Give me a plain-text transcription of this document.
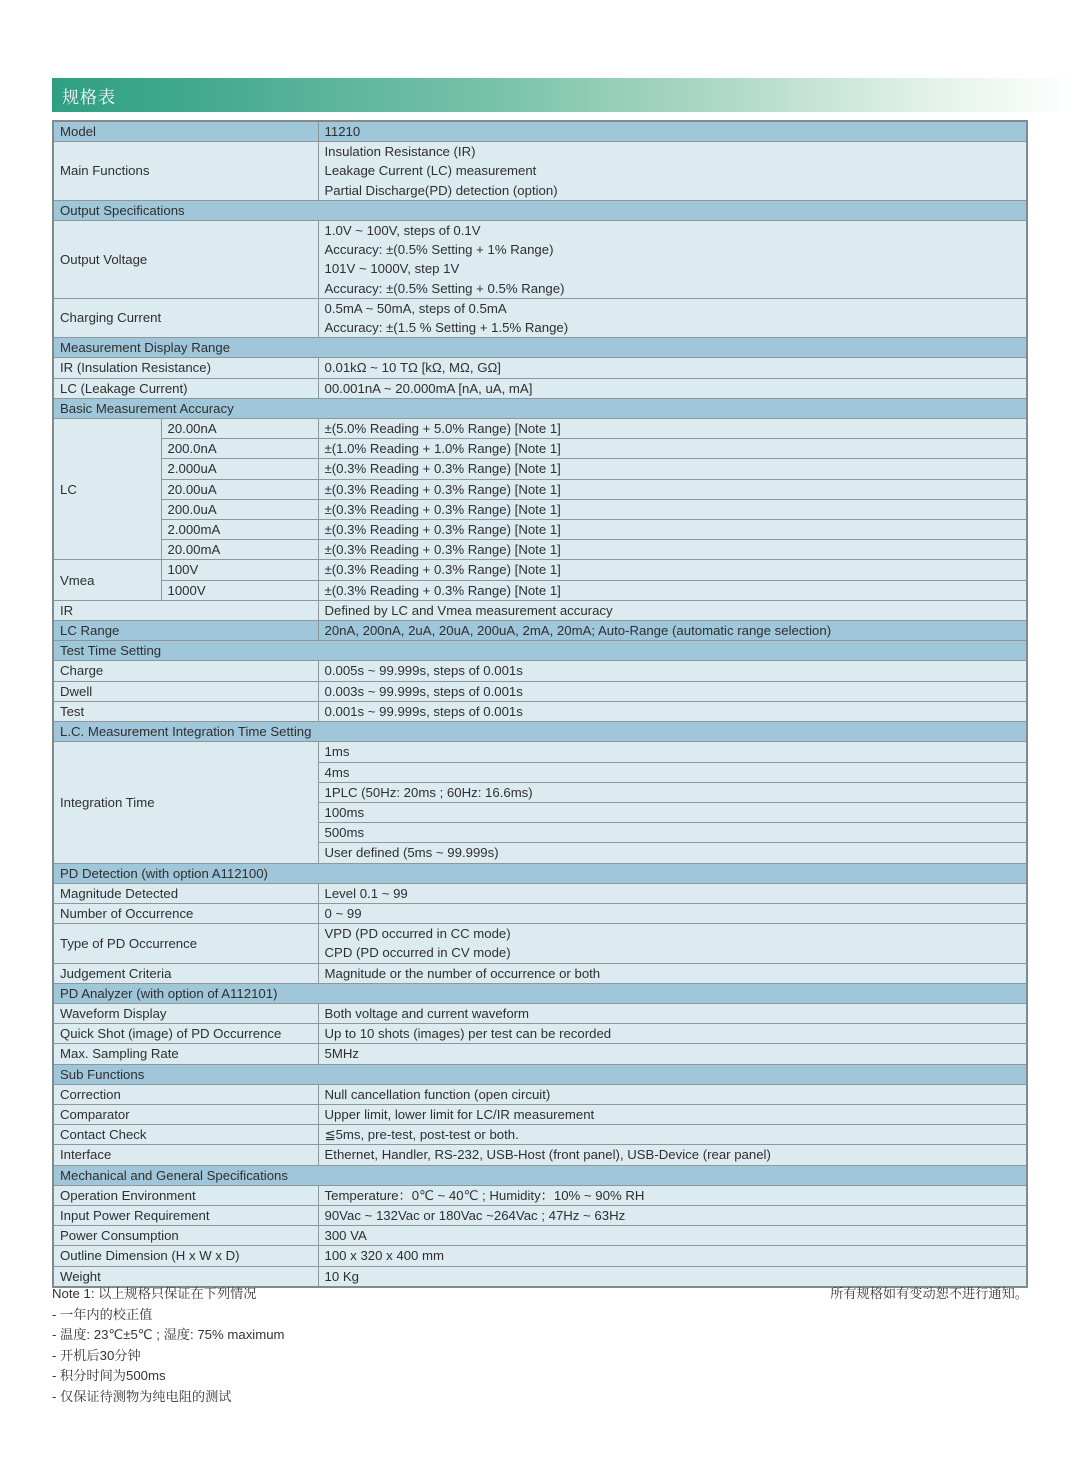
规格表
Model		11210
Main Functions		Insulation Resistance (IR)
Leakage Current (LC) measurement
Partial Discharge(PD) detection (option)

Output Specifications		
Output Voltage		1.0V ~ 100V, steps of 0.1V
Accuracy: ±(0.5% Setting + 1% Range)
101V ~ 1000V, step 1V
Accuracy: ±(0.5% Setting + 0.5% Range)

Charging Current		0.5mA ~ 50mA, steps of 0.5mA
Accuracy: ±(1.5 % Setting + 1.5% Range)

Measurement Display Range		
IR (Insulation Resistance)		0.01kΩ ~ 10 TΩ [kΩ, MΩ, GΩ]
LC (Leakage Current)		00.001nA ~ 20.000mA [nA, uA, mA]
Basic Measurement Accuracy		
LC	20.00nA	±(5.0% Reading + 5.0% Range) [Note 1]
	200.0nA	±(1.0% Reading + 1.0% Range) [Note 1]
	2.000uA	±(0.3% Reading + 0.3% Range) [Note 1]
	20.00uA	±(0.3% Reading + 0.3% Range) [Note 1]
	200.0uA	±(0.3% Reading + 0.3% Range) [Note 1]
	2.000mA	±(0.3% Reading + 0.3% Range) [Note 1]
	20.00mA	±(0.3% Reading + 0.3% Range) [Note 1]
Vmea	100V	±(0.3% Reading + 0.3% Range) [Note 1]
	1000V	±(0.3% Reading + 0.3% Range) [Note 1]
IR		Defined by LC and Vmea measurement accuracy
LC Range		20nA, 200nA, 2uA, 20uA, 200uA, 2mA, 20mA; Auto-Range (automatic range selection)
Test Time Setting		
Charge		0.005s ~ 99.999s, steps of 0.001s
Dwell		0.003s ~ 99.999s, steps of 0.001s
Test		0.001s ~ 99.999s, steps of 0.001s
L.C. Measurement Integration Time Setting		
Integration Time		1ms
		4ms
		1PLC (50Hz: 20ms ; 60Hz: 16.6ms)
		100ms
		500ms
		User defined (5ms ~ 99.999s)
PD Detection (with option A112100)		
Magnitude Detected		Level 0.1 ~ 99
Number of Occurrence		0 ~ 99
Type of PD Occurrence		VPD (PD occurred in CC mode)
CPD (PD occurred in CV mode)

Judgement Criteria		Magnitude or the number of occurrence or both
PD Analyzer (with option of A112101)		
Waveform Display		Both voltage and current waveform
Quick Shot (image) of PD Occurrence		Up to 10 shots (images) per test can be recorded
Max. Sampling Rate		5MHz
Sub Functions		
Correction		Null cancellation function (open circuit)
Comparator		Upper limit, lower limit for LC/IR measurement
Contact Check		≦5ms, pre-test, post-test or both.
Interface		Ethernet, Handler, RS-232, USB-Host (front panel), USB-Device (rear panel)
Mechanical and General Specifications		
Operation Environment		Temperature：0℃ ~ 40℃ ; Humidity：10% ~ 90% RH
Input Power Requirement		90Vac ~ 132Vac or 180Vac ~264Vac ; 47Hz ~ 63Hz
Power Consumption		300 VA
Outline Dimension (H x W x D)		100 x 320 x 400 mm
Weight		10 Kg
Note 1: 以上规格只保证在下列情况	所有规格如有变动恕不进行通知。
- 一年内的校正值
- 温度: 23℃±5℃ ; 湿度: 75% maximum
- 开机后30分钟
- 积分时间为500ms
- 仅保证待测物为纯电阻的测试
